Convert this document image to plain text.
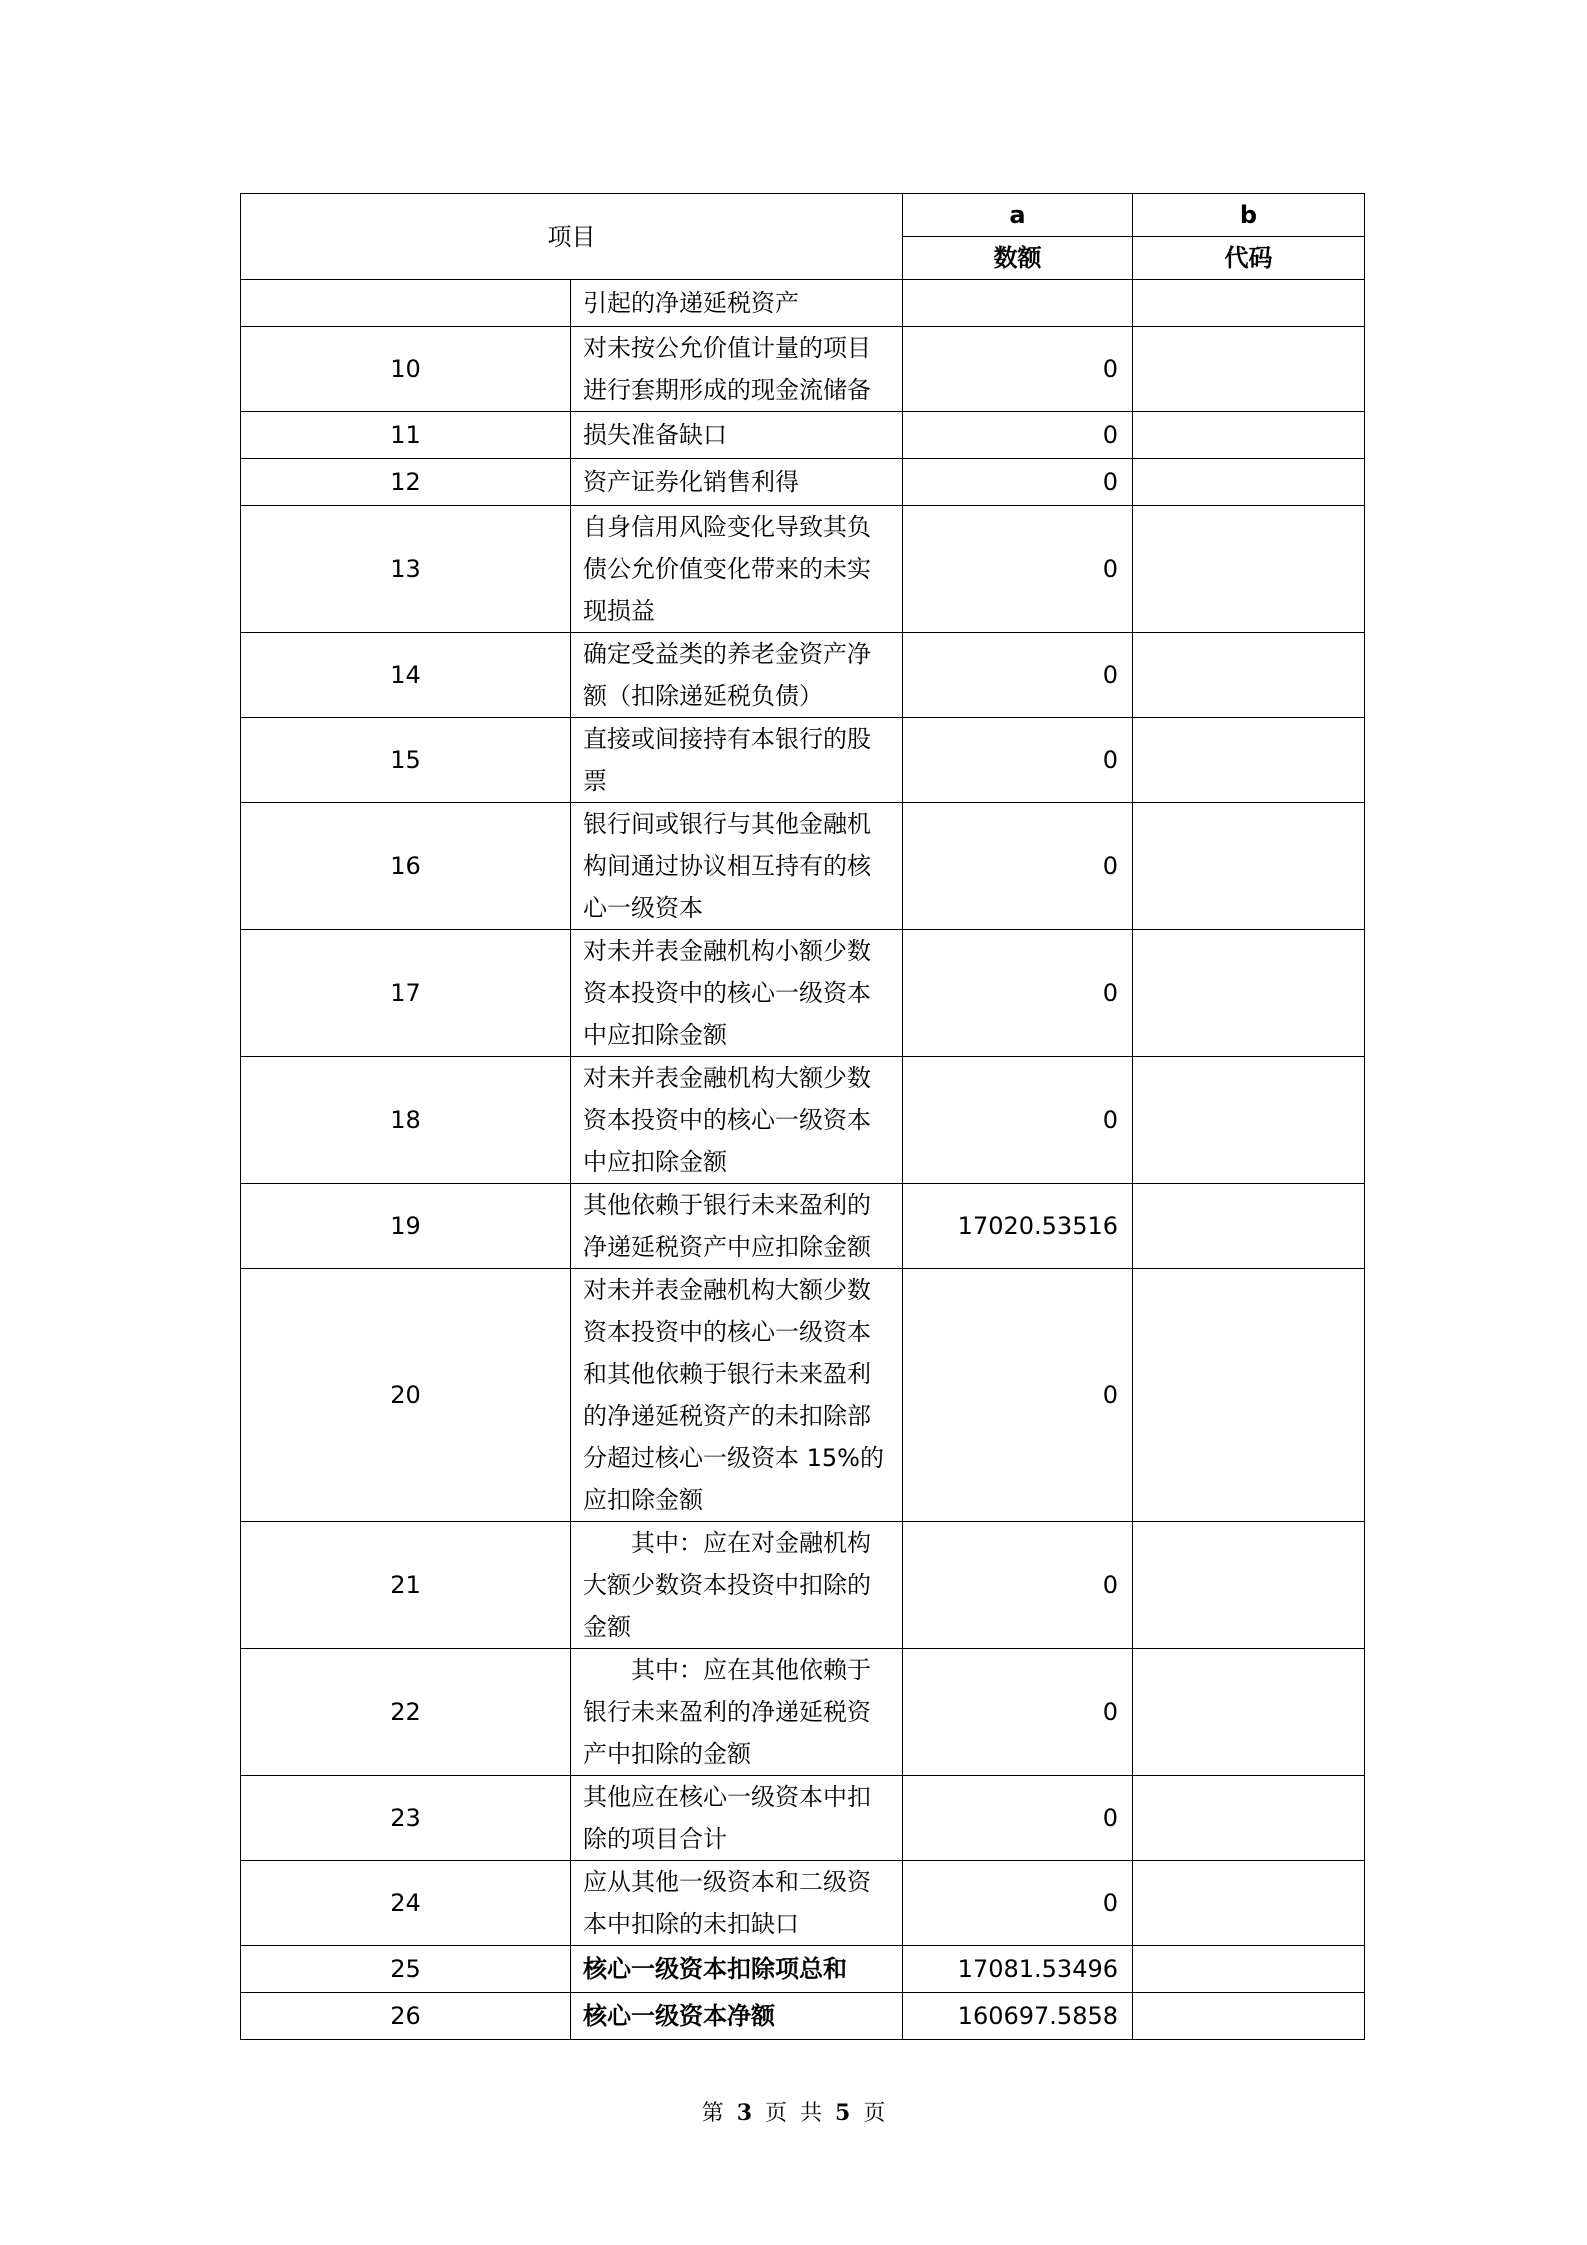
项目		a	b
		数额	代码
	引起的净递延税资产		
10	对未按公允价值计量的项目进行套期形成的现金流储备	0	
11	损失准备缺口	0	
12	资产证券化销售利得	0	
13	自身信用风险变化导致其负债公允价值变化带来的未实现损益	0	
14	确定受益类的养老金资产净额（扣除递延税负债）	0	
15	直接或间接持有本银行的股票	0	
16	银行间或银行与其他金融机构间通过协议相互持有的核心一级资本	0	
17	对未并表金融机构小额少数资本投资中的核心一级资本中应扣除金额	0	
18	对未并表金融机构大额少数资本投资中的核心一级资本中应扣除金额	0	
19	其他依赖于银行未来盈利的净递延税资产中应扣除金额	17020.53516	
20	对未并表金融机构大额少数资本投资中的核心一级资本和其他依赖于银行未来盈利的净递延税资产的未扣除部分超过核心一级资本 15%的应扣除金额	0	
21	其中：应在对金融机构大额少数资本投资中扣除的金额	0	
22	其中：应在其他依赖于银行未来盈利的净递延税资产中扣除的金额	0	
23	其他应在核心一级资本中扣除的项目合计	0	
24	应从其他一级资本和二级资本中扣除的未扣缺口	0	
25	核心一级资本扣除项总和	17081.53496	
26	核心一级资本净额	160697.5858	
第 3 页 共 5 页
